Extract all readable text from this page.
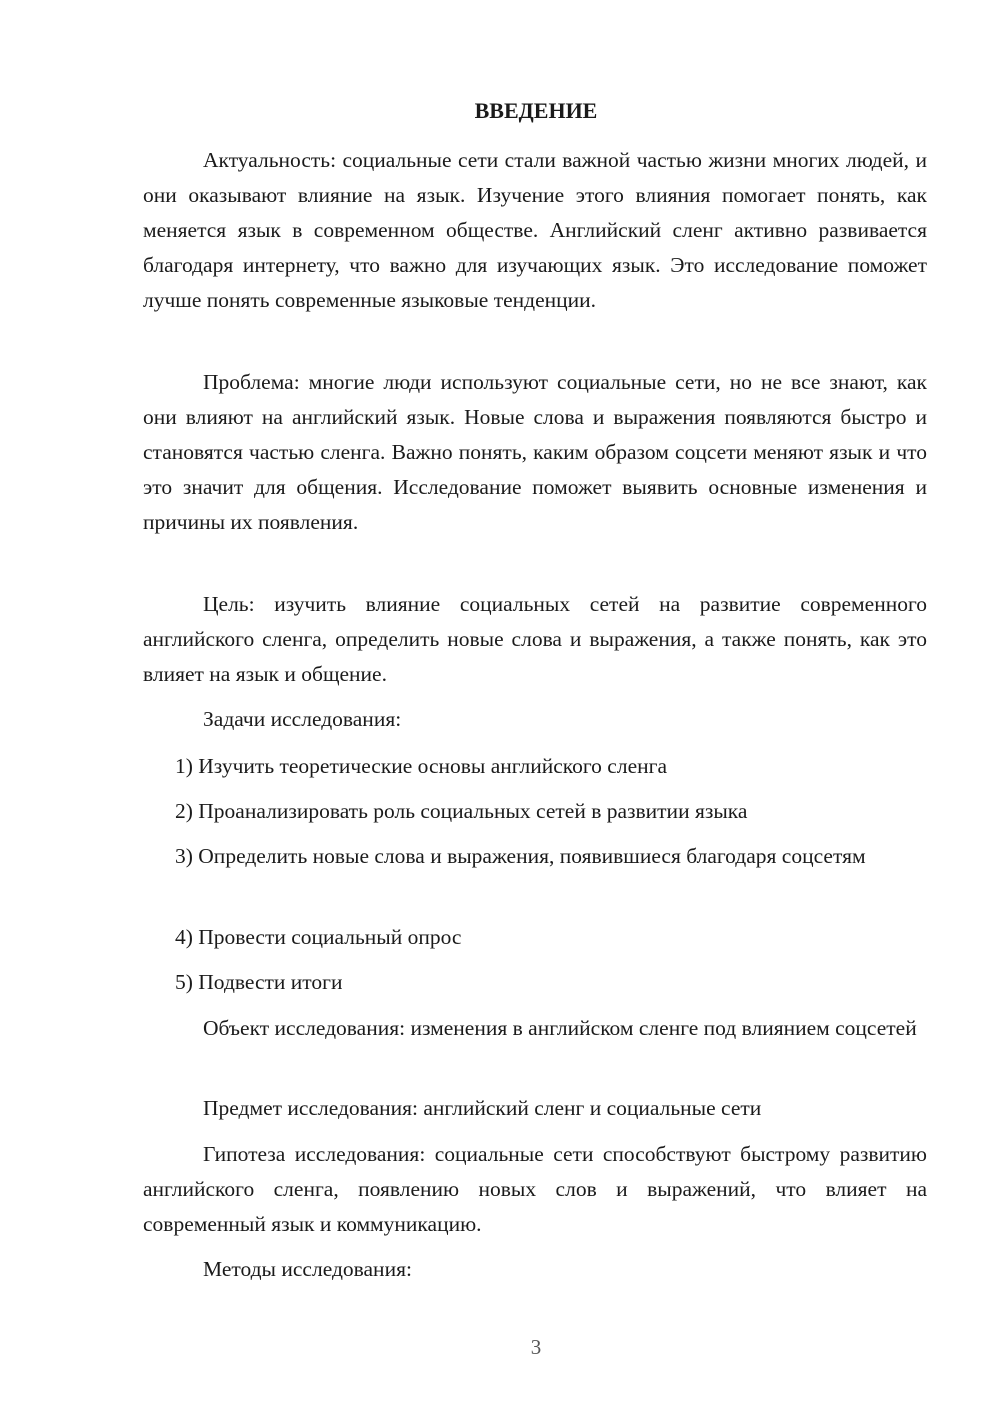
ВВЕДЕНИЕ

Актуальность: социальные сети стали важной частью жизни многих людей, и они оказывают влияние на язык. Изучение этого влияния помогает понять, как меняется язык в современном обществе. Английский сленг активно развивается благодаря интернету, что важно для изучающих язык. Это исследование поможет лучше понять современные языковые тенденции.

Проблема: многие люди используют социальные сети, но не все знают, как они влияют на английский язык. Новые слова и выражения появляются быстро и становятся частью сленга. Важно понять, каким образом соцсети меняют язык и что это значит для общения. Исследование поможет выявить основные изменения и причины их появления.

Цель: изучить влияние социальных сетей на развитие современного английского сленга, определить новые слова и выражения, а также понять, как это влияет на язык и общение.

Задачи исследования:

1) Изучить теоретические основы английского сленга

2) Проанализировать роль социальных сетей в развитии языка

3) Определить новые слова и выражения, появившиеся благодаря соцсетям

4) Провести социальный опрос

5) Подвести итоги

Объект исследования: изменения в английском сленге под влиянием соцсетей

Предмет исследования: английский сленг и социальные сети

Гипотеза исследования: социальные сети способствуют быстрому развитию английского сленга, появлению новых слов и выражений, что влияет на современный язык и коммуникацию.

Методы исследования:

3
